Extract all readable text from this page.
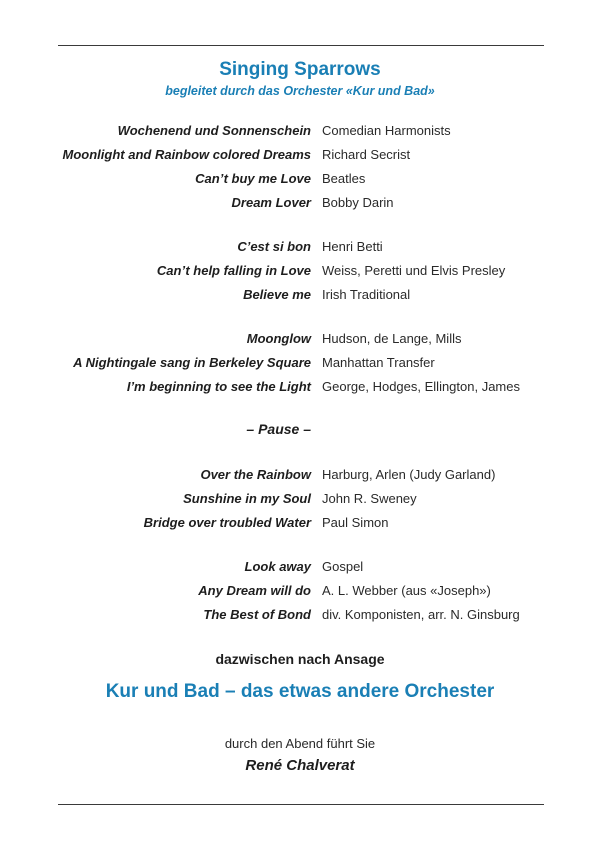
Singing Sparrows
begleitet durch das Orchester «Kur und Bad»
Wochenend und Sonnenschein Comedian Harmonists
Moonlight and Rainbow colored Dreams Richard Secrist
Can’t buy me Love Beatles
Dream Lover Bobby Darin
C’est si bon Henri Betti
Can’t help falling in Love Weiss, Peretti und Elvis Presley
Believe me Irish Traditional
Moonglow Hudson, de Lange, Mills
A Nightingale sang in Berkeley Square Manhattan Transfer
I’m beginning to see the Light George, Hodges, Ellington, James
– Pause –
Over the Rainbow Harburg, Arlen (Judy Garland)
Sunshine in my Soul John R. Sweney
Bridge over troubled Water Paul Simon
Look away Gospel
Any Dream will do A. L. Webber (aus «Joseph»)
The Best of Bond div. Komponisten, arr. N. Ginsburg
dazwischen nach Ansage
Kur und Bad – das etwas andere Orchester
durch den Abend führt Sie
René Chalverat
